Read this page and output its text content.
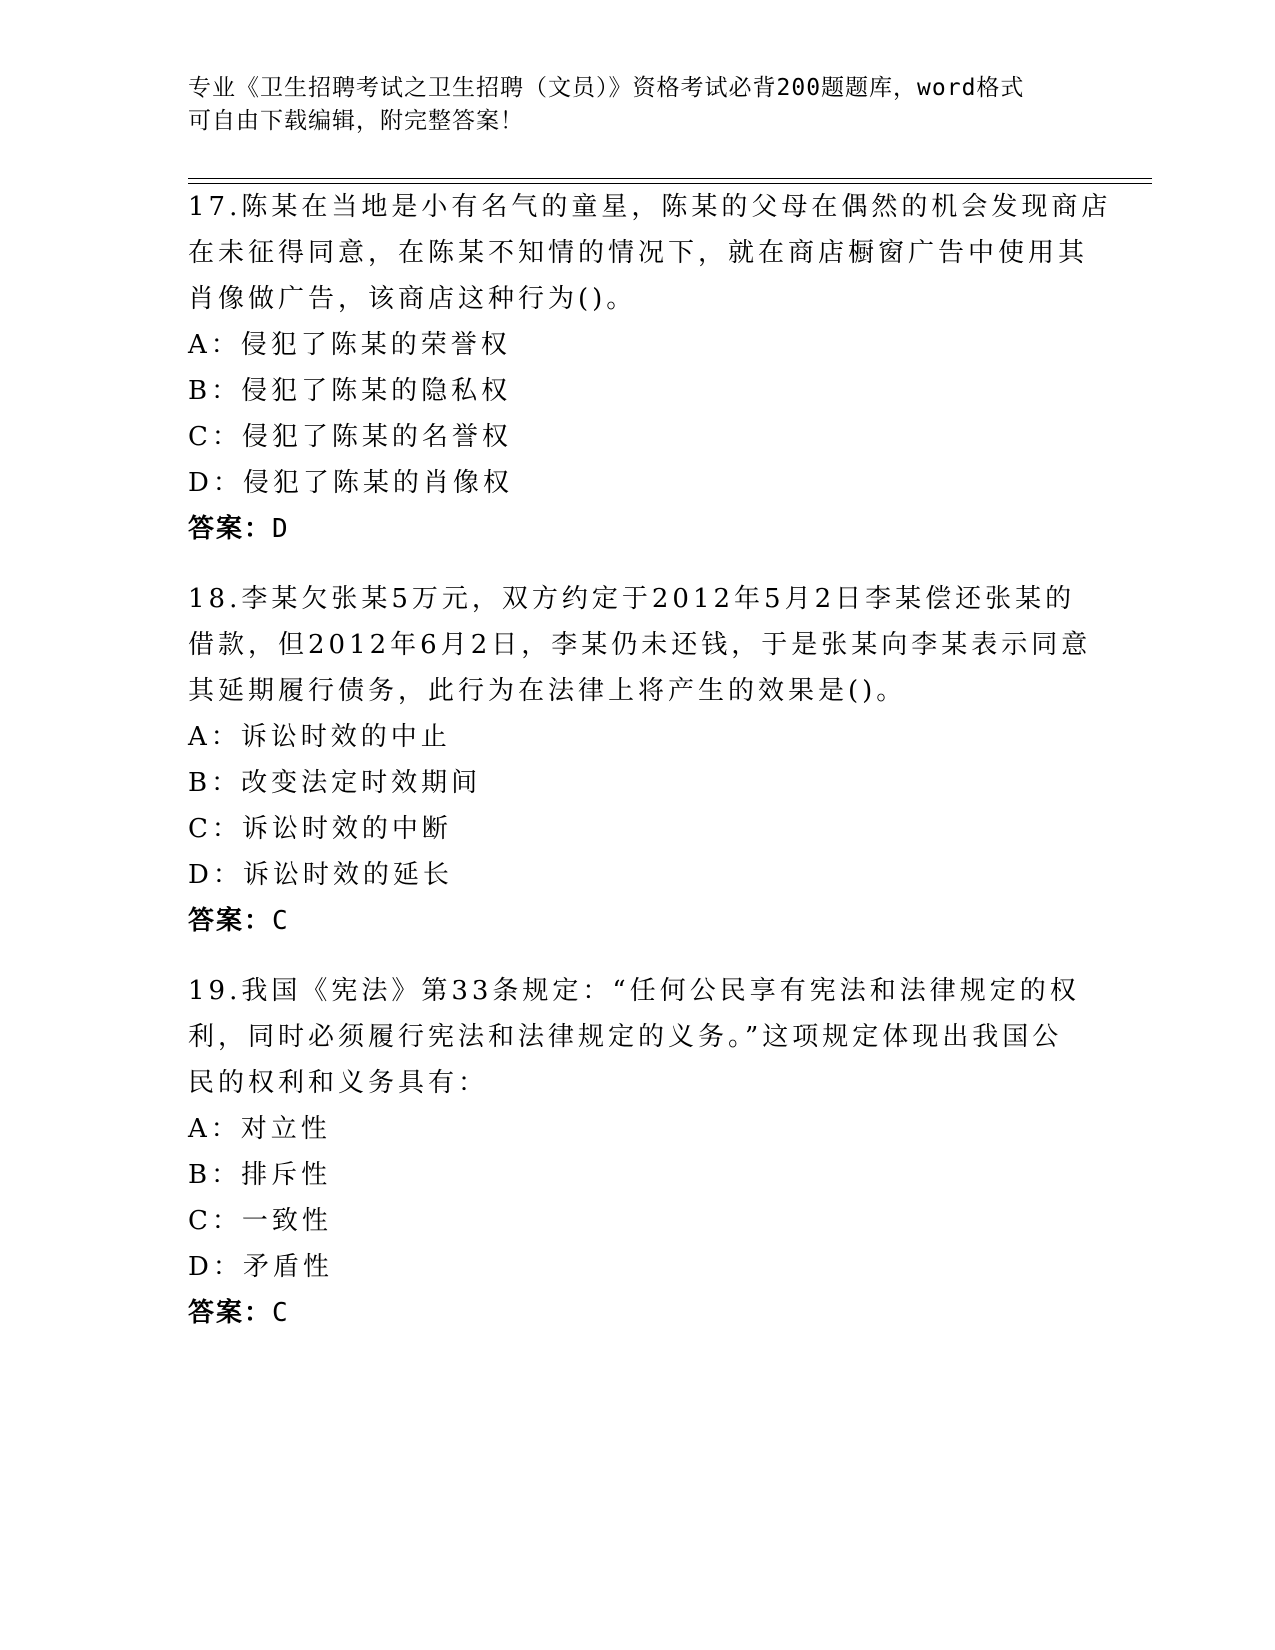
专业《卫生招聘考试之卫生招聘（文员）》资格考试必背200题题库，word格式
可自由下载编辑，附完整答案！
17.陈某在当地是小有名气的童星，陈某的父母在偶然的机会发现商店
在未征得同意，在陈某不知情的情况下，就在商店橱窗广告中使用其
肖像做广告，该商店这种行为()。
A：侵犯了陈某的荣誉权
B：侵犯了陈某的隐私权
C：侵犯了陈某的名誉权
D：侵犯了陈某的肖像权
答案：D
18.李某欠张某5万元，双方约定于2012年5月2日李某偿还张某的
借款，但2012年6月2日，李某仍未还钱，于是张某向李某表示同意
其延期履行债务，此行为在法律上将产生的效果是()。
A：诉讼时效的中止
B：改变法定时效期间
C：诉讼时效的中断
D：诉讼时效的延长
答案：C
19.我国《宪法》第33条规定：“任何公民享有宪法和法律规定的权
利，同时必须履行宪法和法律规定的义务。”这项规定体现出我国公
民的权利和义务具有：
A：对立性
B：排斥性
C：一致性
D：矛盾性
答案：C
